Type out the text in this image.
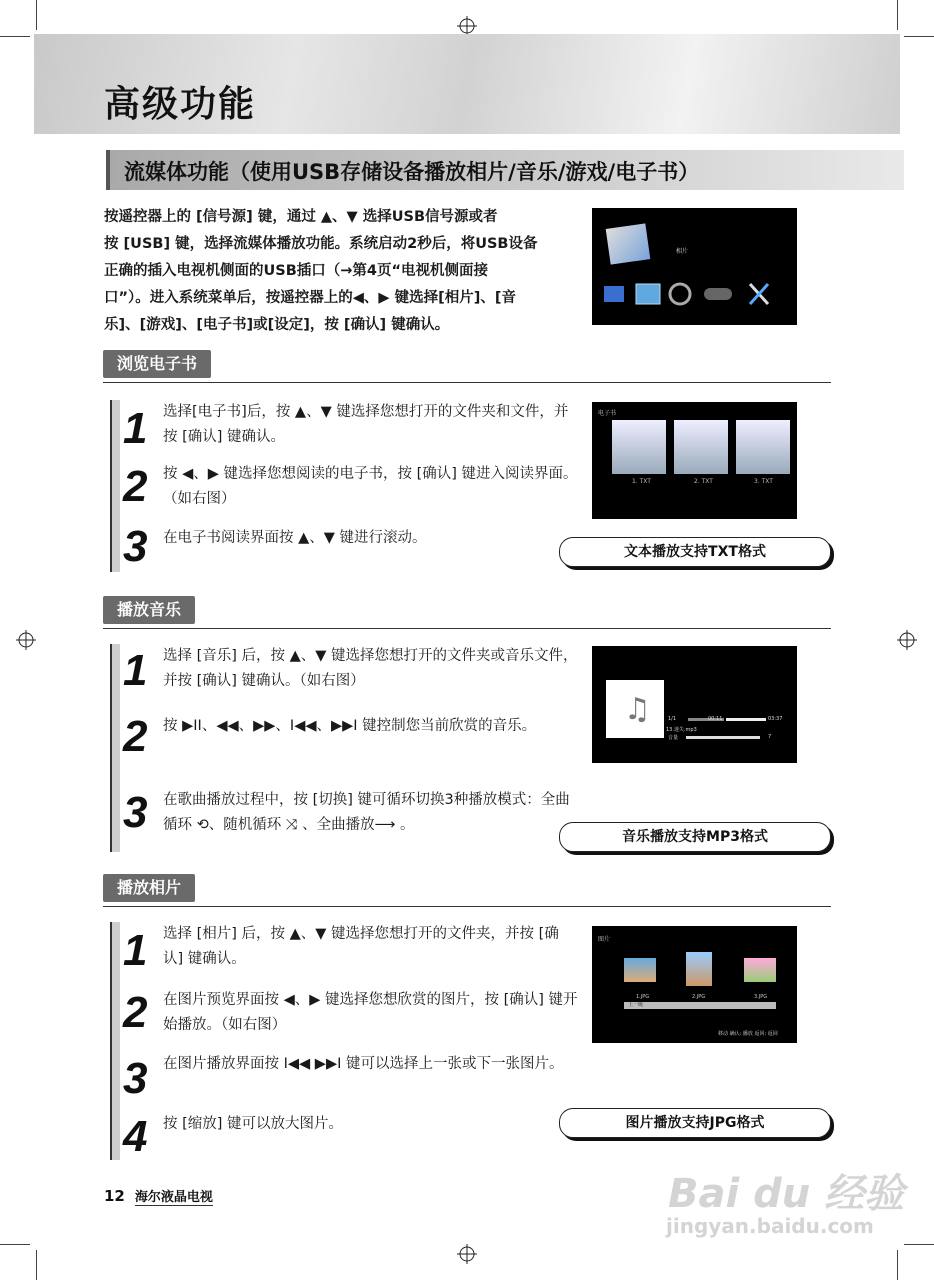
高级功能
流媒体功能（使用USB存储设备播放相片/音乐/游戏/电子书）
按遥控器上的 [信号源] 键，通过 ▲、▼ 选择USB信号源或者
按 [USB] 键，选择流媒体播放功能。系统启动2秒后，将USB设备
正确的插入电视机侧面的USB插口（→第4页“电视机侧面接
口”）。进入系统菜单后，按遥控器上的◀、▶ 键选择[相片]、[音
乐]、[游戏]、[电子书]或[设定]，按 [确认] 键确认。
相片
浏览电子书
1 选择[电子书]后，按 ▲、▼ 键选择您想打开的文件夹和文件，并按 [确认] 键确认。
2 按 ◀、▶ 键选择您想阅读的电子书，按 [确认] 键进入阅读界面。（如右图）
3 在电子书阅读界面按 ▲、▼ 键进行滚动。
电子书
1. TXT	2. TXT	3. TXT
文本播放支持TXT格式
播放音乐
1 选择 [音乐] 后，按 ▲、▼ 键选择您想打开的文件夹或音乐文件，并按 [确认] 键确认。（如右图）
2 按 ▶II、◀◀、▶▶、I◀◀、▶▶I 键控制您当前欣赏的音乐。
3 在歌曲播放过程中，按 [切换] 键可循环切换3种播放模式：全曲循环 ⟲、随机循环 ⤨ 、全曲播放⟶ 。
♫	1/1	00:11	03:37
13.迷失.mp3
音量	7
音乐播放支持MP3格式
播放相片
1 选择 [相片] 后，按 ▲、▼ 键选择您想打开的文件夹，并按 [确认] 键确认。
2 在图片预览界面按 ◀、▶ 键选择您想欣赏的图片，按 [确认] 键开始播放。（如右图）
3 在图片播放界面按 I◀◀ ▶▶I 键可以选择上一张或下一张图片。
4 按 [缩放] 键可以放大图片。
图片
1.JPG	2.JPG	3.JPG
上一级
移动 确认: 播放 返回: 返回
图片播放支持JPG格式
12 海尔液晶电视	Bai du 经验
jingyan.baidu.com
